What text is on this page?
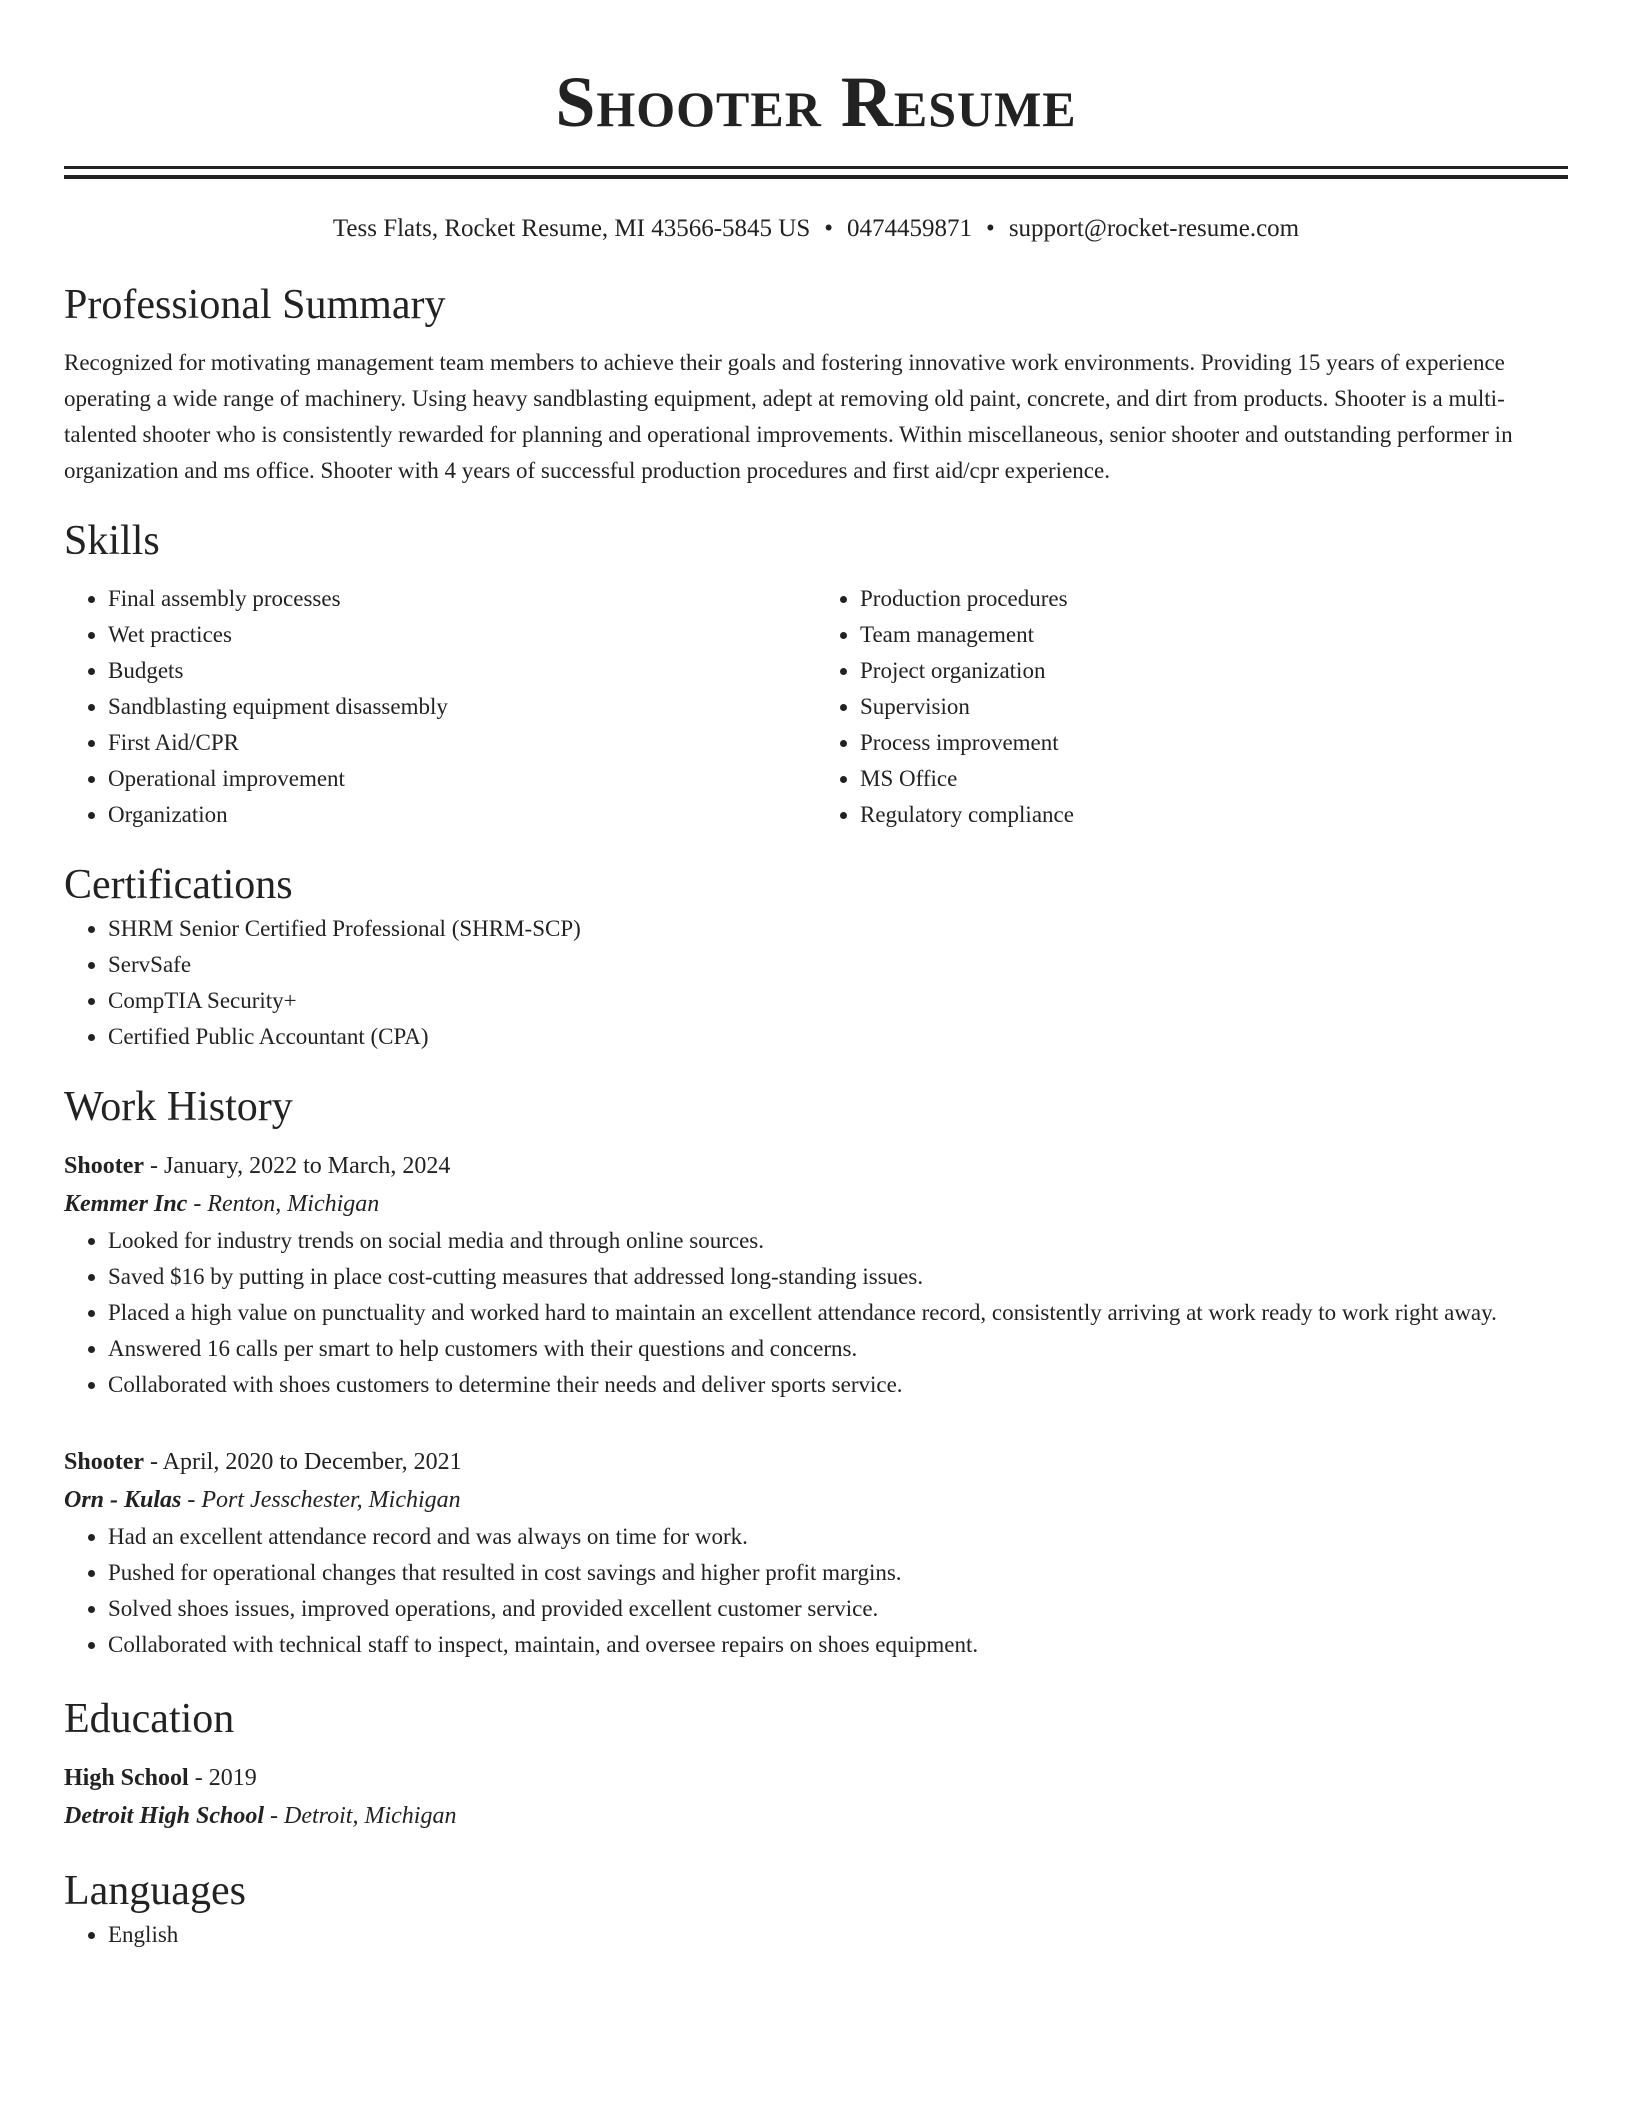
Shooter Resume
Tess Flats, Rocket Resume, MI 43566-5845 US • 0474459871 • support@rocket-resume.com
Professional Summary

Recognized for motivating management team members to achieve their goals and fostering innovative work environments. Providing 15 years of experience operating a wide range of machinery. Using heavy sandblasting equipment, adept at removing old paint, concrete, and dirt from products. Shooter is a multi-talented shooter who is consistently rewarded for planning and operational improvements. Within miscellaneous, senior shooter and outstanding performer in organization and ms office. Shooter with 4 years of successful production procedures and first aid/cpr experience.

Skills
• Final assembly processes
• Wet practices
• Budgets
• Sandblasting equipment disassembly
• First Aid/CPR
• Operational improvement
• Organization
• Production procedures
• Team management
• Project organization
• Supervision
• Process improvement
• MS Office
• Regulatory compliance
Certifications
• SHRM Senior Certified Professional (SHRM-SCP)
• ServSafe
• CompTIA Security+
• Certified Public Accountant (CPA)
Work History
Shooter - January, 2022 to March, 2024
Kemmer Inc - Renton, Michigan
• Looked for industry trends on social media and through online sources.
• Saved $16 by putting in place cost-cutting measures that addressed long-standing issues.
• Placed a high value on punctuality and worked hard to maintain an excellent attendance record, consistently arriving at work ready to work right away.
• Answered 16 calls per smart to help customers with their questions and concerns.
• Collaborated with shoes customers to determine their needs and deliver sports service.
Shooter - April, 2020 to December, 2021
Orn - Kulas - Port Jesschester, Michigan
• Had an excellent attendance record and was always on time for work.
• Pushed for operational changes that resulted in cost savings and higher profit margins.
• Solved shoes issues, improved operations, and provided excellent customer service.
• Collaborated with technical staff to inspect, maintain, and oversee repairs on shoes equipment.
Education
High School - 2019
Detroit High School - Detroit, Michigan
Languages
• English
